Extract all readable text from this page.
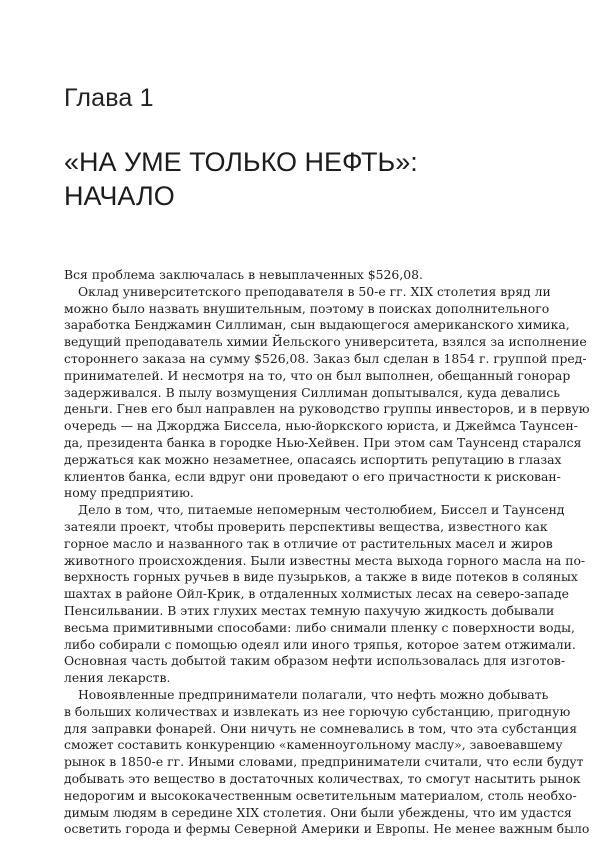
Глава 1
«НА УМЕ ТОЛЬКО НЕФТЬ»:
НАЧАЛО
Вся проблема заключалась в невыплаченных $526,08.
Оклад университетского преподавателя в 50-е гг. XIX столетия вряд ли
можно было назвать внушительным, поэтому в поисках дополнительного
заработка Бенджамин Силлиман, сын выдающегося американского химика,
ведущий преподаватель химии Йельского университета, взялся за исполнение
стороннего заказа на сумму $526,08. Заказ был сделан в 1854 г. группой пред-
принимателей. И несмотря на то, что он был выполнен, обещанный гонорар
задерживался. В пылу возмущения Силлиман допытывался, куда девались
деньги. Гнев его был направлен на руководство группы инвесторов, и в первую
очередь — на Джорджа Биссела, нью-йоркского юриста, и Джеймса Таунсен-
да, президента банка в городке Нью-Хейвен. При этом сам Таунсенд старался
держаться как можно незаметнее, опасаясь испортить репутацию в глазах
клиентов банка, если вдруг они проведают о его причастности к рискован-
ному предприятию.
Дело в том, что, питаемые непомерным честолюбием, Биссел и Таунсенд
затеяли проект, чтобы проверить перспективы вещества, известного как
горное масло и названного так в отличие от растительных масел и жиров
животного происхождения. Были известны места выхода горного масла на по-
верхность горных ручьев в виде пузырьков, а также в виде потеков в соляных
шахтах в районе Ойл-Крик, в отдаленных холмистых лесах на северо-западе
Пенсильвании. В этих глухих местах темную пахучую жидкость добывали
весьма примитивными способами: либо снимали пленку с поверхности воды,
либо собирали с помощью одеял или иного тряпья, которое затем отжимали.
Основная часть добытой таким образом нефти использовалась для изготов-
ления лекарств.
Новоявленные предприниматели полагали, что нефть можно добывать
в больших количествах и извлекать из нее горючую субстанцию, пригодную
для заправки фонарей. Они ничуть не сомневались в том, что эта субстанция
сможет составить конкуренцию «каменноугольному маслу», завоевавшему
рынок в 1850-е гг. Иными словами, предприниматели считали, что если будут
добывать это вещество в достаточных количествах, то смогут насытить рынок
недорогим и высококачественным осветительным материалом, столь необхо-
димым людям в середине XIX столетия. Они были убеждены, что им удастся
осветить города и фермы Северной Америки и Европы. Не менее важным было
